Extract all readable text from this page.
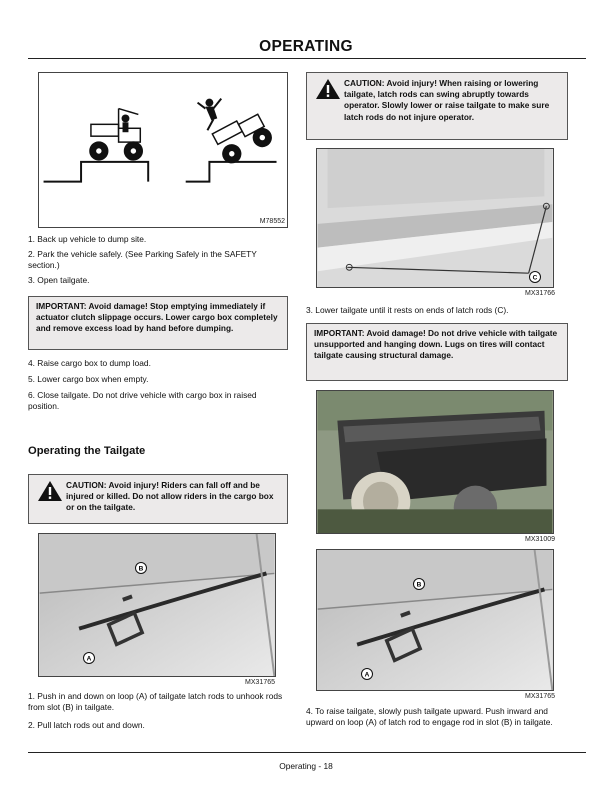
OPERATING
M78552
1. Back up vehicle to dump site.
2. Park the vehicle safely. (See Parking Safely in the SAFETY section.)
3. Open tailgate.
IMPORTANT: Avoid damage! Stop emptying immediately if actuator clutch slippage occurs. Lower cargo box completely and remove excess load by hand before dumping.
4. Raise cargo box to dump load.
5. Lower cargo box when empty.
6. Close tailgate. Do not drive vehicle with cargo box in raised position.
Operating the Tailgate
CAUTION: Avoid injury! Riders can fall off and be injured or killed. Do not allow riders in the cargo box or on the tailgate.
B
A
MX31765
1. Push in and down on loop (A) of tailgate latch rods to unhook rods from slot (B) in tailgate.
2. Pull latch rods out and down.
CAUTION: Avoid injury! When raising or lowering tailgate, latch rods can swing abruptly towards operator. Slowly lower or raise tailgate to make sure latch rods do not injure operator.
C
MX31766
3. Lower tailgate until it rests on ends of latch rods (C).
IMPORTANT: Avoid damage! Do not drive vehicle with tailgate unsupported and hanging down. Lugs on tires will contact tailgate causing structural damage.
MX31009
B
A
MX31765
4. To raise tailgate, slowly push tailgate upward. Push inward and upward on loop (A) of latch rod to engage rod in slot (B) in tailgate.
Operating - 18
